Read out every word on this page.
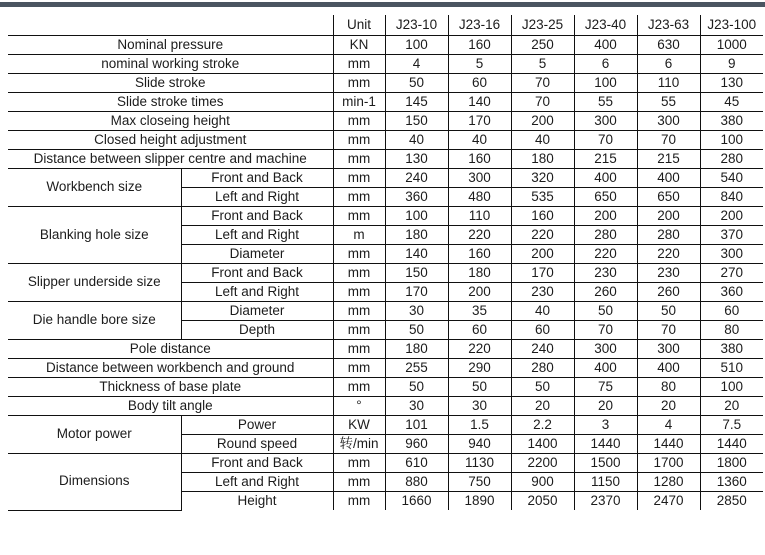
		Unit	J23-10	J23-16	J23-25	J23-40	J23-63	J23-100
Nominal pressure		KN	100	160	250	400	630	1000
nominal working stroke		mm	4	5	5	6	6	9
Slide stroke		mm	50	60	70	100	110	130
Slide stroke times		min-1	145	140	70	55	55	45
Max closeing height		mm	150	170	200	300	300	380
Closed height adjustment		mm	40	40	40	70	70	100
Distance between slipper centre and machine		mm	130	160	180	215	215	280
Workbench size	Front and Back	mm	240	300	320	400	400	540
	Left and Right	mm	360	480	535	650	650	840
Blanking hole size	Front and Back	mm	100	110	160	200	200	200
	Left and Right	m	180	220	220	280	280	370
	Diameter	mm	140	160	200	220	220	300
Slipper underside size	Front and Back	mm	150	180	170	230	230	270
	Left and Right	mm	170	200	230	260	260	360
Die handle bore size	Diameter	mm	30	35	40	50	50	60
	Depth	mm	50	60	60	70	70	80
Pole distance		mm	180	220	240	300	300	380
Distance between workbench and ground		mm	255	290	280	400	400	510
Thickness of base plate		mm	50	50	50	75	80	100
Body tilt angle		°	30	30	20	20	20	20
Motor power	Power	KW	101	1.5	2.2	3	4	7.5
	Round speed	转/min	960	940	1400	1440	1440	1440
Dimensions	Front and Back	mm	610	1130	2200	1500	1700	1800
	Left and Right	mm	880	750	900	1150	1280	1360
	Height	mm	1660	1890	2050	2370	2470	2850
